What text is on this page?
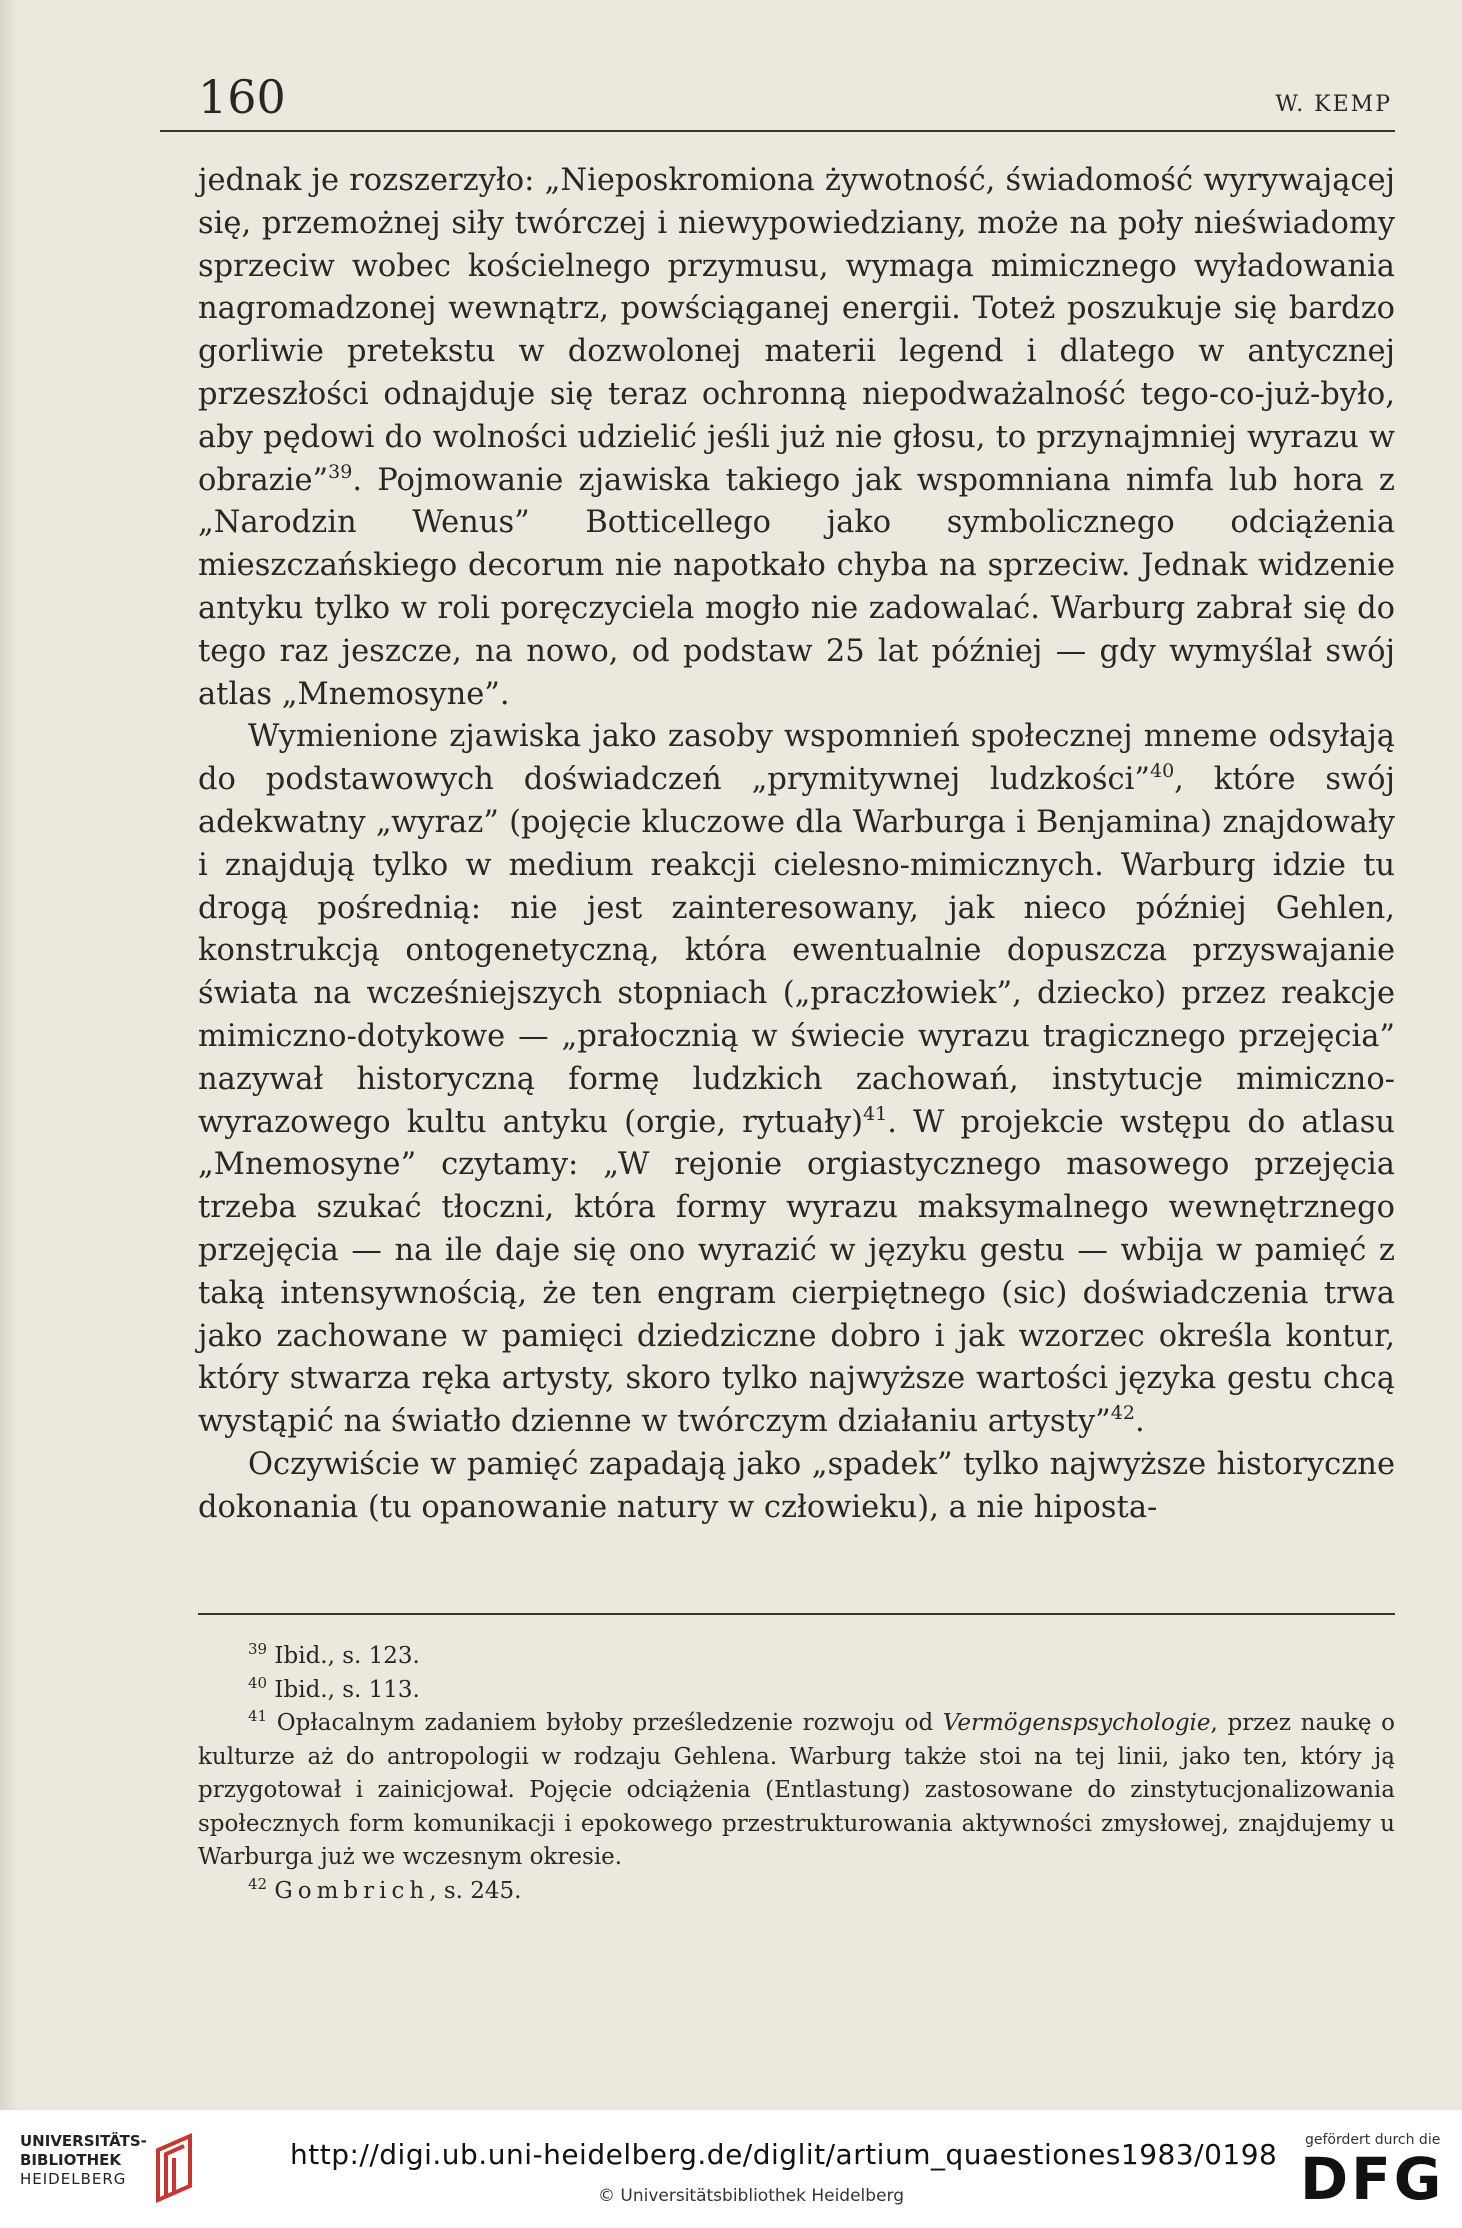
160	W. KEMP

jednak je rozszerzyło: „Nieposkromiona żywotność, świadomość wyrywającej się, przemożnej siły twórczej i niewypowiedziany, może na poły nieświadomy sprzeciw wobec kościelnego przymusu, wymaga mimicznego wyładowania nagromadzonej wewnątrz, powściąganej energii. Toteż poszukuje się bardzo gorliwie pretekstu w dozwolonej materii legend i dlatego w antycznej przeszłości odnajduje się teraz ochronną niepodważalność tego-co-już-było, aby pędowi do wolności udzielić jeśli już nie głosu, to przynajmniej wyrazu w obrazie”$^{39}$. Pojmowanie zjawiska takiego jak wspomniana nimfa lub hora z „Narodzin Wenus” Botticellego jako symbolicznego odciążenia mieszczańskiego decorum nie napotkało chyba na sprzeciw. Jednak widzenie antyku tylko w roli poręczyciela mogło nie zadowalać. Warburg zabrał się do tego raz jeszcze, na nowo, od podstaw 25 lat później — gdy wymyślał swój atlas „Mnemosyne”.

Wymienione zjawiska jako zasoby wspomnień społecznej mneme odsyłają do podstawowych doświadczeń „prymitywnej ludzkości”$^{40}$, które swój adekwatny „wyraz” (pojęcie kluczowe dla Warburga i Benjamina) znajdowały i znajdują tylko w medium reakcji cielesno-mimicznych. Warburg idzie tu drogą pośrednią: nie jest zainteresowany, jak nieco później Gehlen, konstrukcją ontogenetyczną, która ewentualnie dopuszcza przyswajanie świata na wcześniejszych stopniach („praczłowiek”, dziecko) przez reakcje mimiczno-dotykowe — „prałocznią w świecie wyrazu tragicznego przejęcia” nazywał historyczną formę ludzkich zachowań, instytucje mimiczno-wyrazowego kultu antyku (orgie, rytuały)$^{41}$. W projekcie wstępu do atlasu „Mnemosyne” czytamy: „W rejonie orgiastycznego masowego przejęcia trzeba szukać tłoczni, która formy wyrazu maksymalnego wewnętrznego przejęcia — na ile daje się ono wyrazić w języku gestu — wbija w pamięć z taką intensywnością, że ten engram cierpiętnego (sic) doświadczenia trwa jako zachowane w pamięci dziedziczne dobro i jak wzorzec określa kontur, który stwarza ręka artysty, skoro tylko najwyższe wartości języka gestu chcą wystąpić na światło dzienne w twórczym działaniu artysty”$^{42}$.

Oczywiście w pamięć zapadają jako „spadek” tylko najwyższe historyczne dokonania (tu opanowanie natury w człowieku), a nie hiposta-

$^{39}$ Ibid., s. 123.

$^{40}$ Ibid., s. 113.

$^{41}$ Opłacalnym zadaniem byłoby prześledzenie rozwoju od Vermögenspsychologie, przez naukę o kulturze aż do antropologii w rodzaju Gehlena. Warburg także stoi na tej linii, jako ten, który ją przygotował i zainicjował. Pojęcie odciążenia (Entlastung) zastosowane do zinstytucjonalizowania społecznych form komunikacji i epokowego przestrukturowania aktywności zmysłowej, znajdujemy u Warburga już we wczesnym okresie.

$^{42}$ Gombrich, s. 245.

UNIVERSITÄTS-
BIBLIOTHEK
HEIDELBERG
http://digi.ub.uni-heidelberg.de/diglit/artium_quaestiones1983/0198
© Universitätsbibliothek Heidelberg
gefördert durch die
DFG
